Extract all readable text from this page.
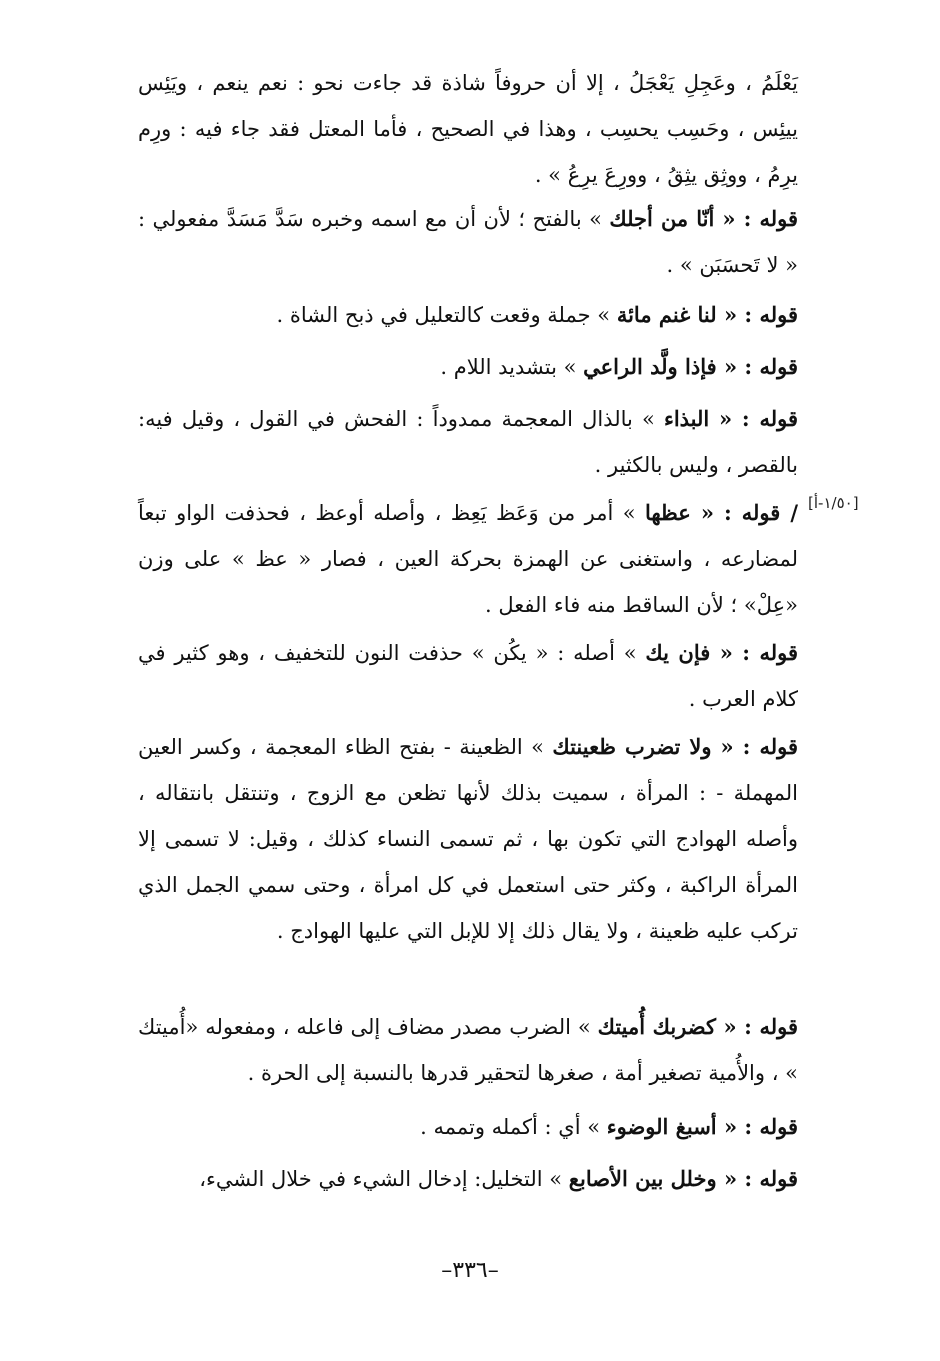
يَعْلَمُ ، وعَجِلِ يَعْجَلُ ، إلا أن حروفاً شاذة قد جاءت نحو : نعم ينعم ، ويَئِس ييئِس ، وحَسِب يحسِب ، وهذا في الصحيح ، فأما المعتل فقد جاء فيه : ورِم يرِمُ ، ووثِق يثِقُ ، وورِعَ يرِعُ » .
قوله : « أنّا من أجلك » بالفتح ؛ لأن أن مع اسمه وخبره سَدَّ مَسَدَّ مفعولي : « لا تَحسَبَن » .
قوله : « لنا غنم مائة » جملة وقعت كالتعليل في ذبح الشاة .
قوله : « فإذا ولَّد الراعي » بتشديد اللام .
قوله : « البذاء » بالذال المعجمة ممدوداً : الفحش في القول ، وقيل فيه: بالقصر ، وليس بالكثير .
[١/٥٠-أ]
/ قوله : « عظها » أمر من وَعَظ يَعِظ ، وأصله أوعظ ، فحذفت الواو تبعاً لمضارعه ، واستغنى عن الهمزة بحركة العين ، فصار « عظ » على وزن «عِلْ» ؛ لأن الساقط منه فاء الفعل .
قوله : « فإن يك » أصله : « يكُن » حذفت النون للتخفيف ، وهو كثير في كلام العرب .
قوله : « ولا تضرب ظعينتك » الظعينة - بفتح الظاء المعجمة ، وكسر العين المهملة - : المرأة ، سميت بذلك لأنها تظعن مع الزوج ، وتنتقل بانتقاله ، وأصله الهوادج التي تكون بها ، ثم تسمى النساء كذلك ، وقيل: لا تسمى إلا المرأة الراكبة ، وكثر حتى استعمل في كل امرأة ، وحتى سمي الجمل الذي تركب عليه ظعينة ، ولا يقال ذلك إلا للإبل التي عليها الهوادج .
قوله : « كضربك أُميتك » الضرب مصدر مضاف إلى فاعله ، ومفعوله «أُميتك » ، والأُمية تصغير أمة ، صغرها لتحقير قدرها بالنسبة إلى الحرة .
قوله : « أسبغ الوضوء » أي : أكمله وتممه .
قوله : « وخلل بين الأصابع » التخليل: إدخال الشيء في خلال الشيء،
–٣٣٦–
